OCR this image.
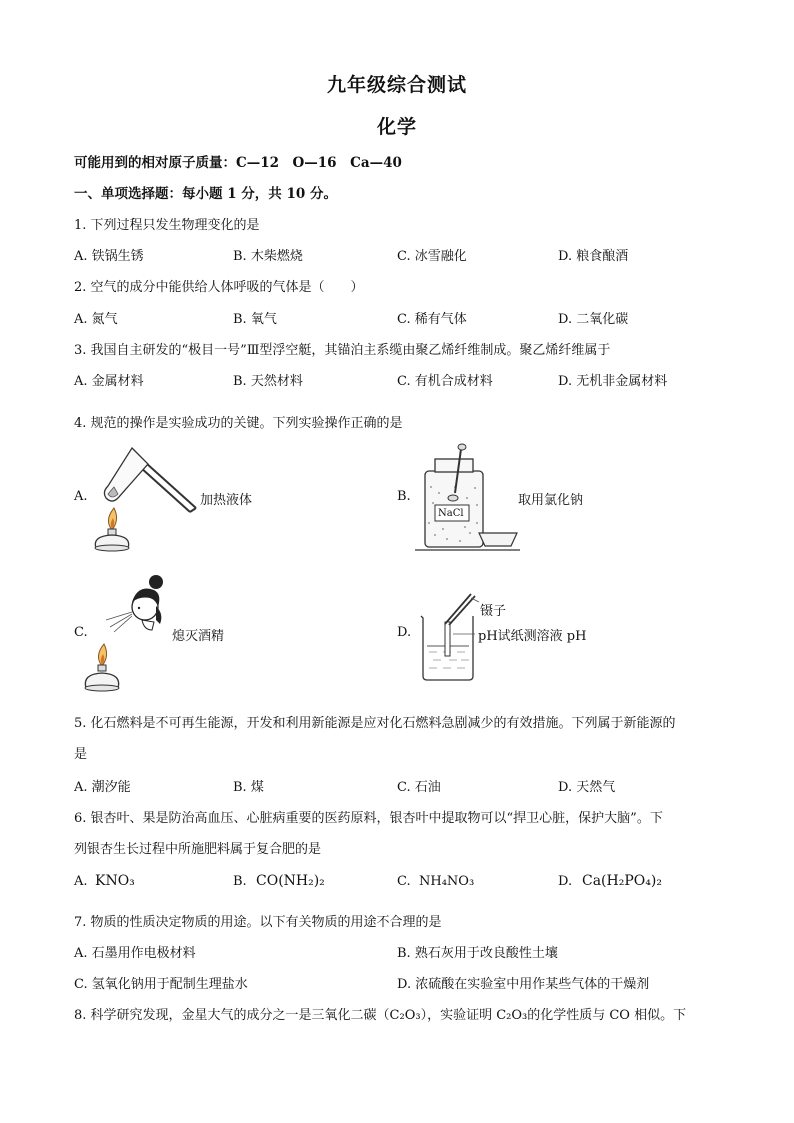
九年级综合测试
化学
可能用到的相对原子质量：C—12　O—16　Ca—40
一、单项选择题：每小题 1 分，共 10 分。
1. 下列过程只发生物理变化的是
A. 铁锅生锈	B. 木柴燃烧	C. 冰雪融化	D. 粮食酿酒
2. 空气的成分中能供给人体呼吸的气体是（　　）
A. 氮气	B. 氧气	C. 稀有气体	D. 二氧化碳
3. 我国自主研发的“极目一号”Ⅲ型浮空艇，其锚泊主系缆由聚乙烯纤维制成。聚乙烯纤维属于
A. 金属材料	B. 天然材料	C. 有机合成材料	D. 无机非金属材料
4. 规范的操作是实验成功的关键。下列实验操作正确的是
A.	加热液体	B.
NaCl
取用氯化钠
C.	熄灭酒精	D.
镊子
pH试纸测溶液 pH
5. 化石燃料是不可再生能源，开发和利用新能源是应对化石燃料急剧减少的有效措施。下列属于新能源的
是
A. 潮汐能	B. 煤	C. 石油	D. 天然气
6. 银杏叶、果是防治高血压、心脏病重要的医药原料，银杏叶中提取物可以“捍卫心脏，保护大脑”。下
列银杏生长过程中所施肥料属于复合肥的是
A. KNO₃	B. CO(NH₂)₂	C. NH₄NO₃	D. Ca(H₂PO₄)₂
7. 物质的性质决定物质的用途。以下有关物质的用途不合理的是
A. 石墨用作电极材料	B. 熟石灰用于改良酸性土壤
C. 氢氧化钠用于配制生理盐水	D. 浓硫酸在实验室中用作某些气体的干燥剂
8. 科学研究发现，金星大气的成分之一是三氧化二碳（C₂O₃），实验证明 C₂O₃的化学性质与 CO 相似。下
